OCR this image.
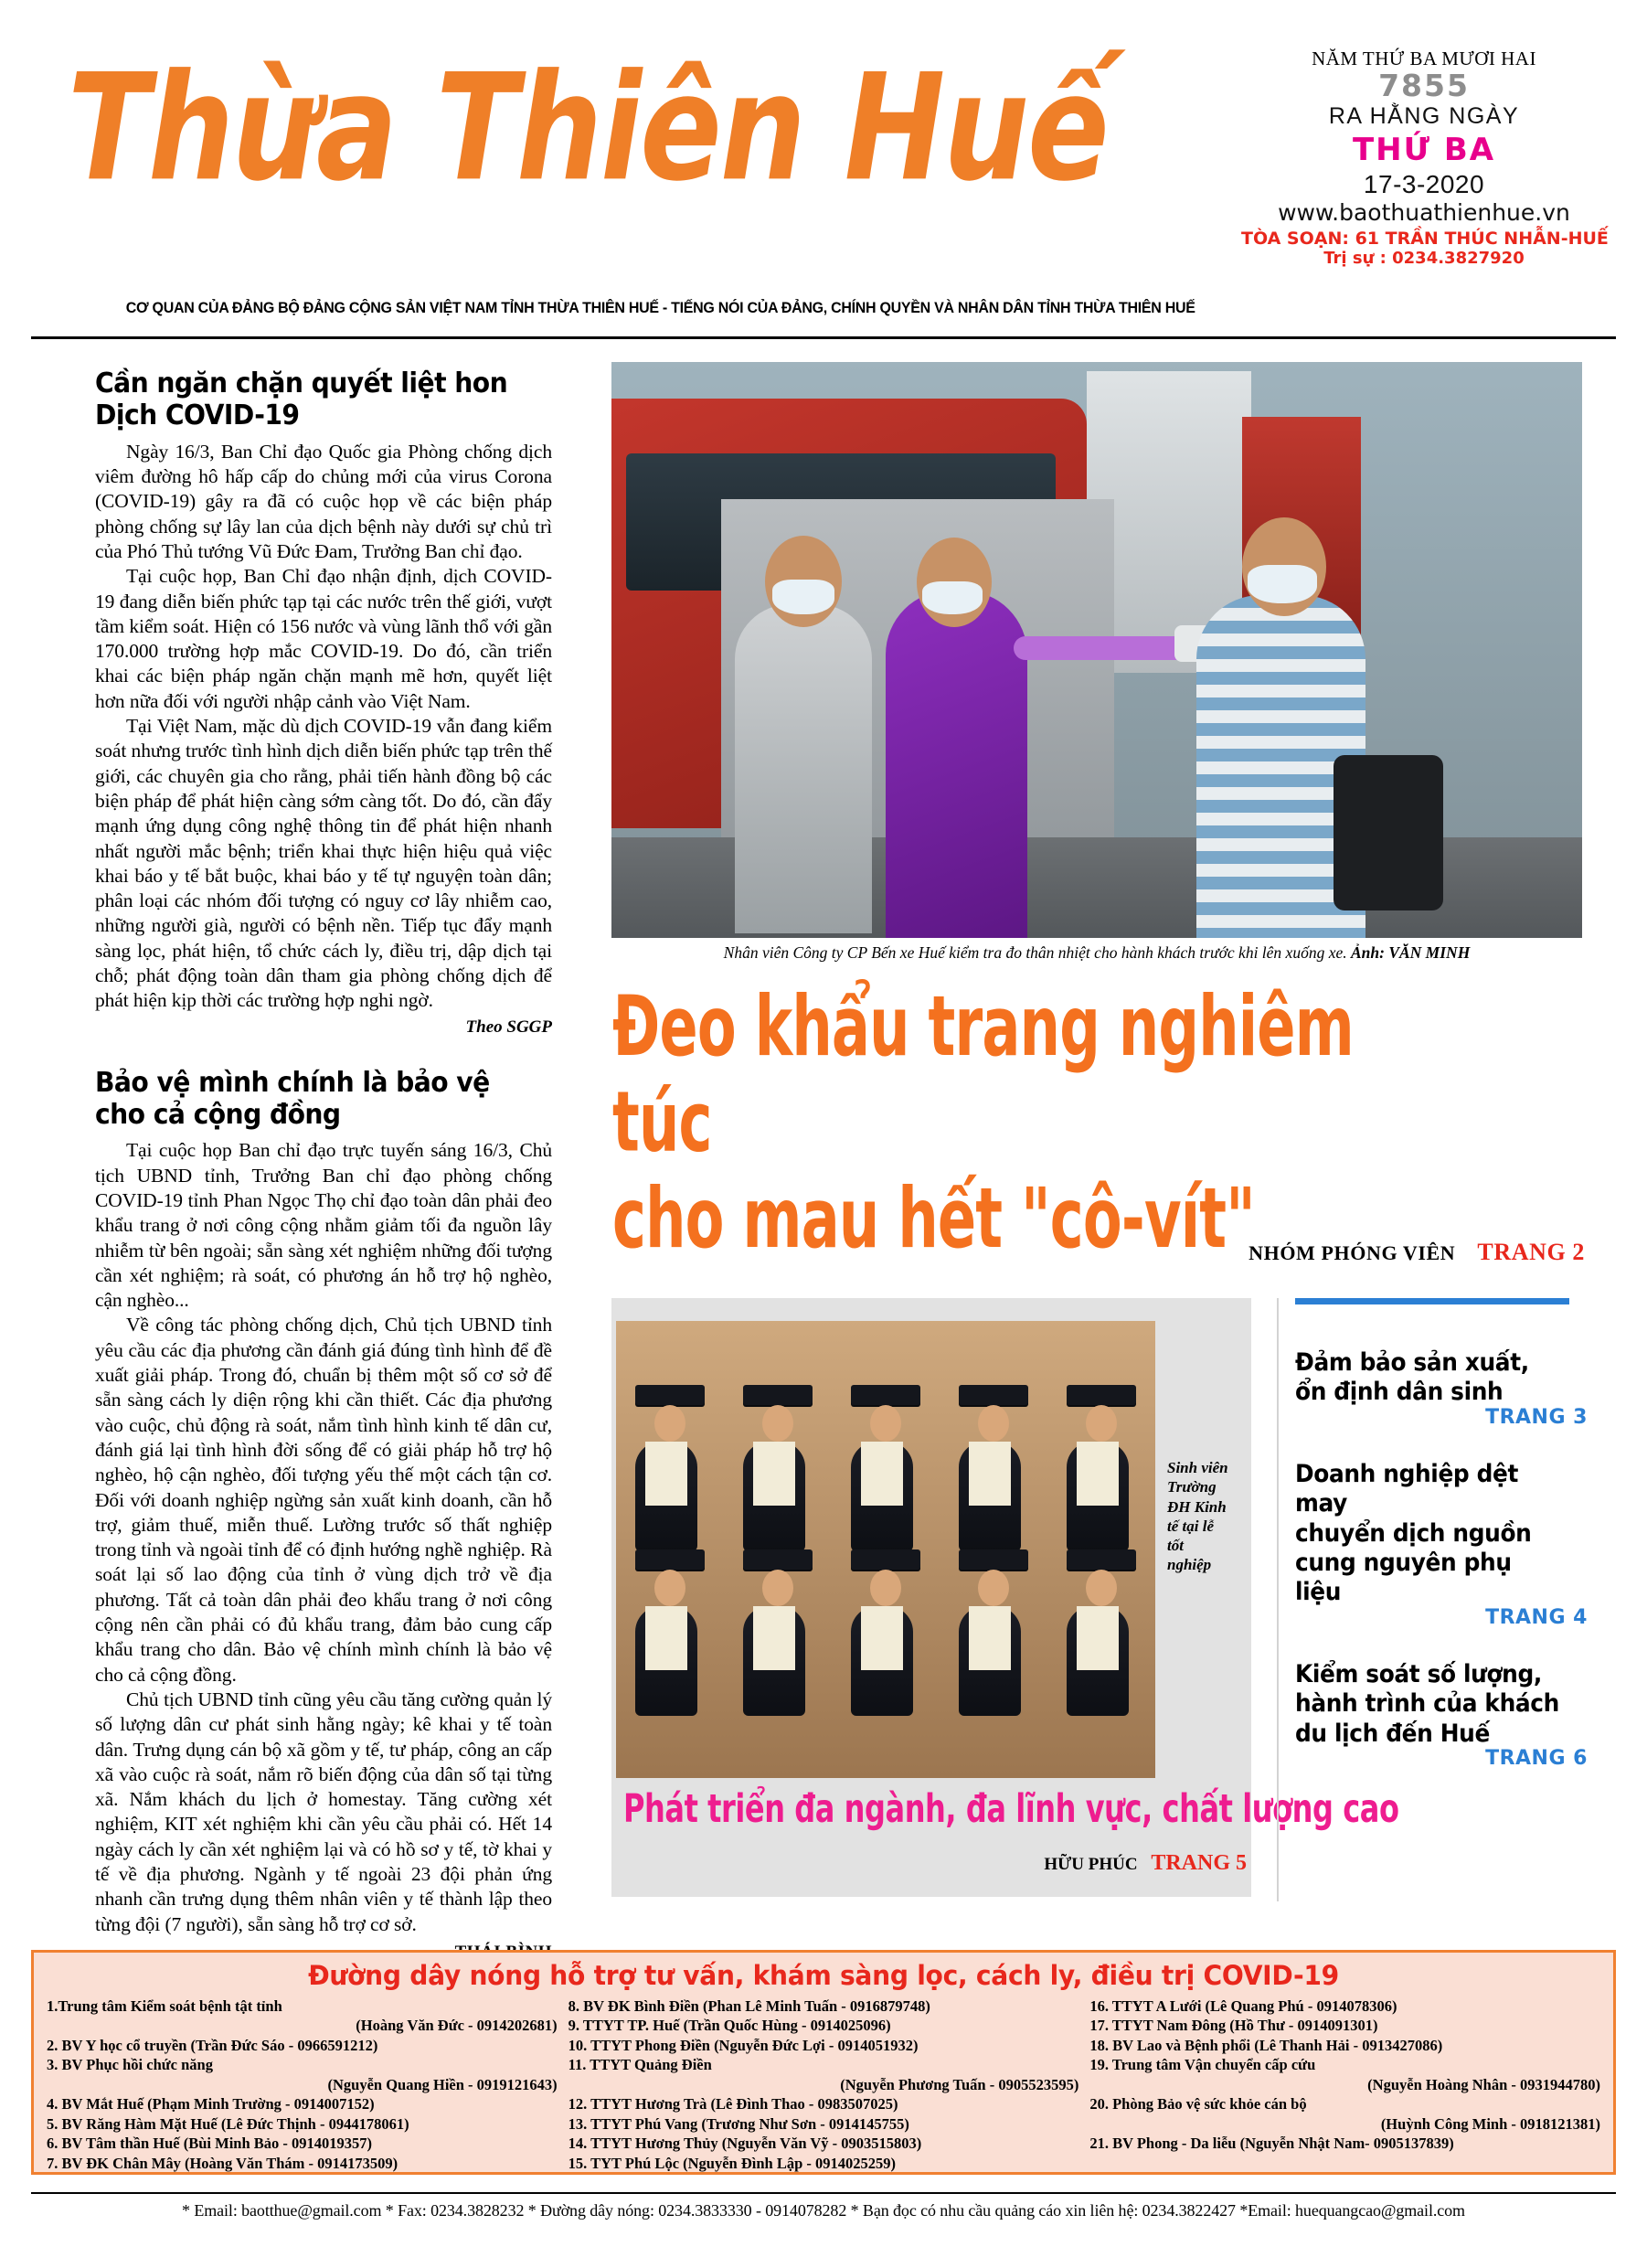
Thừa Thiên Huế	NĂM THỨ BA MƯƠI HAI
7855
RA HẰNG NGÀY
THỨ BA
17-3-2020
www.baothuathienhue.vn
TÒA SOẠN: 61 TRẦN THÚC NHẪN-HUẾ
Trị sự : 0234.3827920
CƠ QUAN CỦA ĐẢNG BỘ ĐẢNG CỘNG SẢN VIỆT NAM TỈNH THỪA THIÊN HUẾ - TIẾNG NÓI CỦA ĐẢNG, CHÍNH QUYỀN VÀ NHÂN DÂN TỈNH THỪA THIÊN HUẾ
Cần ngăn chặn quyết liệt hon
Dịch COVID-19

Ngày 16/3, Ban Chỉ đạo Quốc gia Phòng chống dịch viêm đường hô hấp cấp do chủng mới của virus Corona (COVID-19) gây ra đã có cuộc họp về các biện pháp phòng chống sự lây lan của dịch bệnh này dưới sự chủ trì của Phó Thủ tướng Vũ Đức Đam, Trưởng Ban chỉ đạo.

Tại cuộc họp, Ban Chỉ đạo nhận định, dịch COVID-19 đang diễn biến phức tạp tại các nước trên thế giới, vượt tầm kiểm soát. Hiện có 156 nước và vùng lãnh thổ với gần 170.000 trường hợp mắc COVID-19. Do đó, cần triển khai các biện pháp ngăn chặn mạnh mẽ hơn, quyết liệt hơn nữa đối với người nhập cảnh vào Việt Nam.

Tại Việt Nam, mặc dù dịch COVID-19 vẫn đang kiểm soát nhưng trước tình hình dịch diễn biến phức tạp trên thế giới, các chuyên gia cho rằng, phải tiến hành đồng bộ các biện pháp để phát hiện càng sớm càng tốt. Do đó, cần đẩy mạnh ứng dụng công nghệ thông tin để phát hiện nhanh nhất người mắc bệnh; triển khai thực hiện hiệu quả việc khai báo y tế bắt buộc, khai báo y tế tự nguyện toàn dân; phân loại các nhóm đối tượng có nguy cơ lây nhiễm cao, những người già, người có bệnh nền. Tiếp tục đẩy mạnh sàng lọc, phát hiện, tổ chức cách ly, điều trị, dập dịch tại chỗ; phát động toàn dân tham gia phòng chống dịch để phát hiện kịp thời các trường hợp nghi ngờ.

Theo SGGP
Bảo vệ mình chính là bảo vệ
cho cả cộng đồng

Tại cuộc họp Ban chỉ đạo trực tuyến sáng 16/3, Chủ tịch UBND tỉnh, Trưởng Ban chỉ đạo phòng chống COVID-19 tỉnh Phan Ngọc Thọ chỉ đạo toàn dân phải đeo khẩu trang ở nơi công cộng nhằm giảm tối đa nguồn lây nhiễm từ bên ngoài; sẵn sàng xét nghiệm những đối tượng cần xét nghiệm; rà soát, có phương án hỗ trợ hộ nghèo, cận nghèo...

Về công tác phòng chống dịch, Chủ tịch UBND tỉnh yêu cầu các địa phương cần đánh giá đúng tình hình để đề xuất giải pháp. Trong đó, chuẩn bị thêm một số cơ sở để sẵn sàng cách ly diện rộng khi cần thiết. Các địa phương vào cuộc, chủ động rà soát, nắm tình hình kinh tế dân cư, đánh giá lại tình hình đời sống để có giải pháp hỗ trợ hộ nghèo, hộ cận nghèo, đối tượng yếu thế một cách tận cơ. Đối với doanh nghiệp ngừng sản xuất kinh doanh, cần hỗ trợ, giảm thuế, miễn thuế. Lường trước số thất nghiệp trong tỉnh và ngoài tỉnh để có định hướng nghề nghiệp. Rà soát lại số lao động của tỉnh ở vùng dịch trở về địa phương. Tất cả toàn dân phải đeo khẩu trang ở nơi công cộng nên cần phải có đủ khẩu trang, đảm bảo cung cấp khẩu trang cho dân. Bảo vệ chính mình chính là bảo vệ cho cả cộng đồng.

Chủ tịch UBND tỉnh cũng yêu cầu tăng cường quản lý số lượng dân cư phát sinh hằng ngày; kê khai y tế toàn dân. Trưng dụng cán bộ xã gồm y tế, tư pháp, công an cấp xã vào cuộc rà soát, nắm rõ biến động của dân số tại từng xã. Nắm khách du lịch ở homestay. Tăng cường xét nghiệm, KIT xét nghiệm khi cần yêu cầu phải có. Hết 14 ngày cách ly cần xét nghiệm lại và có hồ sơ y tế, tờ khai y tế về địa phương. Ngành y tế ngoài 23 đội phản ứng nhanh cần trưng dụng thêm nhân viên y tế thành lập theo từng đội (7 người), sẵn sàng hỗ trợ cơ sở.

Nhân viên Công ty CP Bến xe Huế kiểm tra đo thân nhiệt cho hành khách trước khi lên xuống xe. Ảnh: VĂN MINH
Đeo khẩu trang nghiêm túc
cho mau hết "cô-vít"
NHÓM PHÓNG VIÊN TRANG 2
Sinh viên Trường ĐH Kinh tế tại lễ tốt nghiệp
Phát triển đa ngành, đa lĩnh vực, chất lượng cao
HỮU PHÚC TRANG 5
Đảm bảo sản xuất,
ổn định dân sinh
TRANG 3
Doanh nghiệp dệt may
chuyển dịch nguồn
cung nguyên phụ liệu
TRANG 4
Kiểm soát số lượng,
hành trình của khách
du lịch đến Huế
TRANG 6
Đường dây nóng hỗ trợ tư vấn, khám sàng lọc, cách ly, điều trị COVID-19
1.Trung tâm Kiểm soát bệnh tật tỉnh
(Hoàng Văn Đức - 0914202681)
2. BV Y học cổ truyền (Trần Đức Sáo - 0966591212)
3. BV Phục hồi chức năng
(Nguyễn Quang Hiền - 0919121643)
4. BV Mắt Huế (Phạm Minh Trường - 0914007152)
5. BV Răng Hàm Mặt Huế (Lê Đức Thịnh - 0944178061)
6. BV Tâm thần Huế (Bùi Minh Bảo - 0914019357)
7. BV ĐK Chân Mây (Hoàng Văn Thám - 0914173509)
8. BV ĐK Bình Điền (Phan Lê Minh Tuấn - 0916879748)
9. TTYT TP. Huế (Trần Quốc Hùng - 0914025096)
10. TTYT Phong Điền (Nguyễn Đức Lợi - 0914051932)
11. TTYT Quảng Điền
(Nguyễn Phương Tuấn - 0905523595)
12. TTYT Hương Trà (Lê Đình Thao - 0983507025)
13. TTYT Phú Vang (Trương Như Sơn - 0914145755)
14. TTYT Hương Thủy (Nguyễn Văn Vỹ - 0903515803)
15. TYT Phú Lộc (Nguyễn Đình Lập - 0914025259)
16. TTYT A Lưới (Lê Quang Phú - 0914078306)
17. TTYT Nam Đông (Hồ Thư - 0914091301)
18. BV Lao và Bệnh phổi (Lê Thanh Hải - 0913427086)
19. Trung tâm Vận chuyển cấp cứu
(Nguyễn Hoàng Nhân - 0931944780)
20. Phòng Bảo vệ sức khỏe cán bộ
(Huỳnh Công Minh - 0918121381)
21. BV Phong - Da liễu (Nguyễn Nhật Nam- 0905137839)
* Email: baotthue@gmail.com * Fax: 0234.3828232 * Đường dây nóng: 0234.3833330 - 0914078282 * Bạn đọc có nhu cầu quảng cáo xin liên hệ: 0234.3822427 *Email: huequangcao@gmail.com
